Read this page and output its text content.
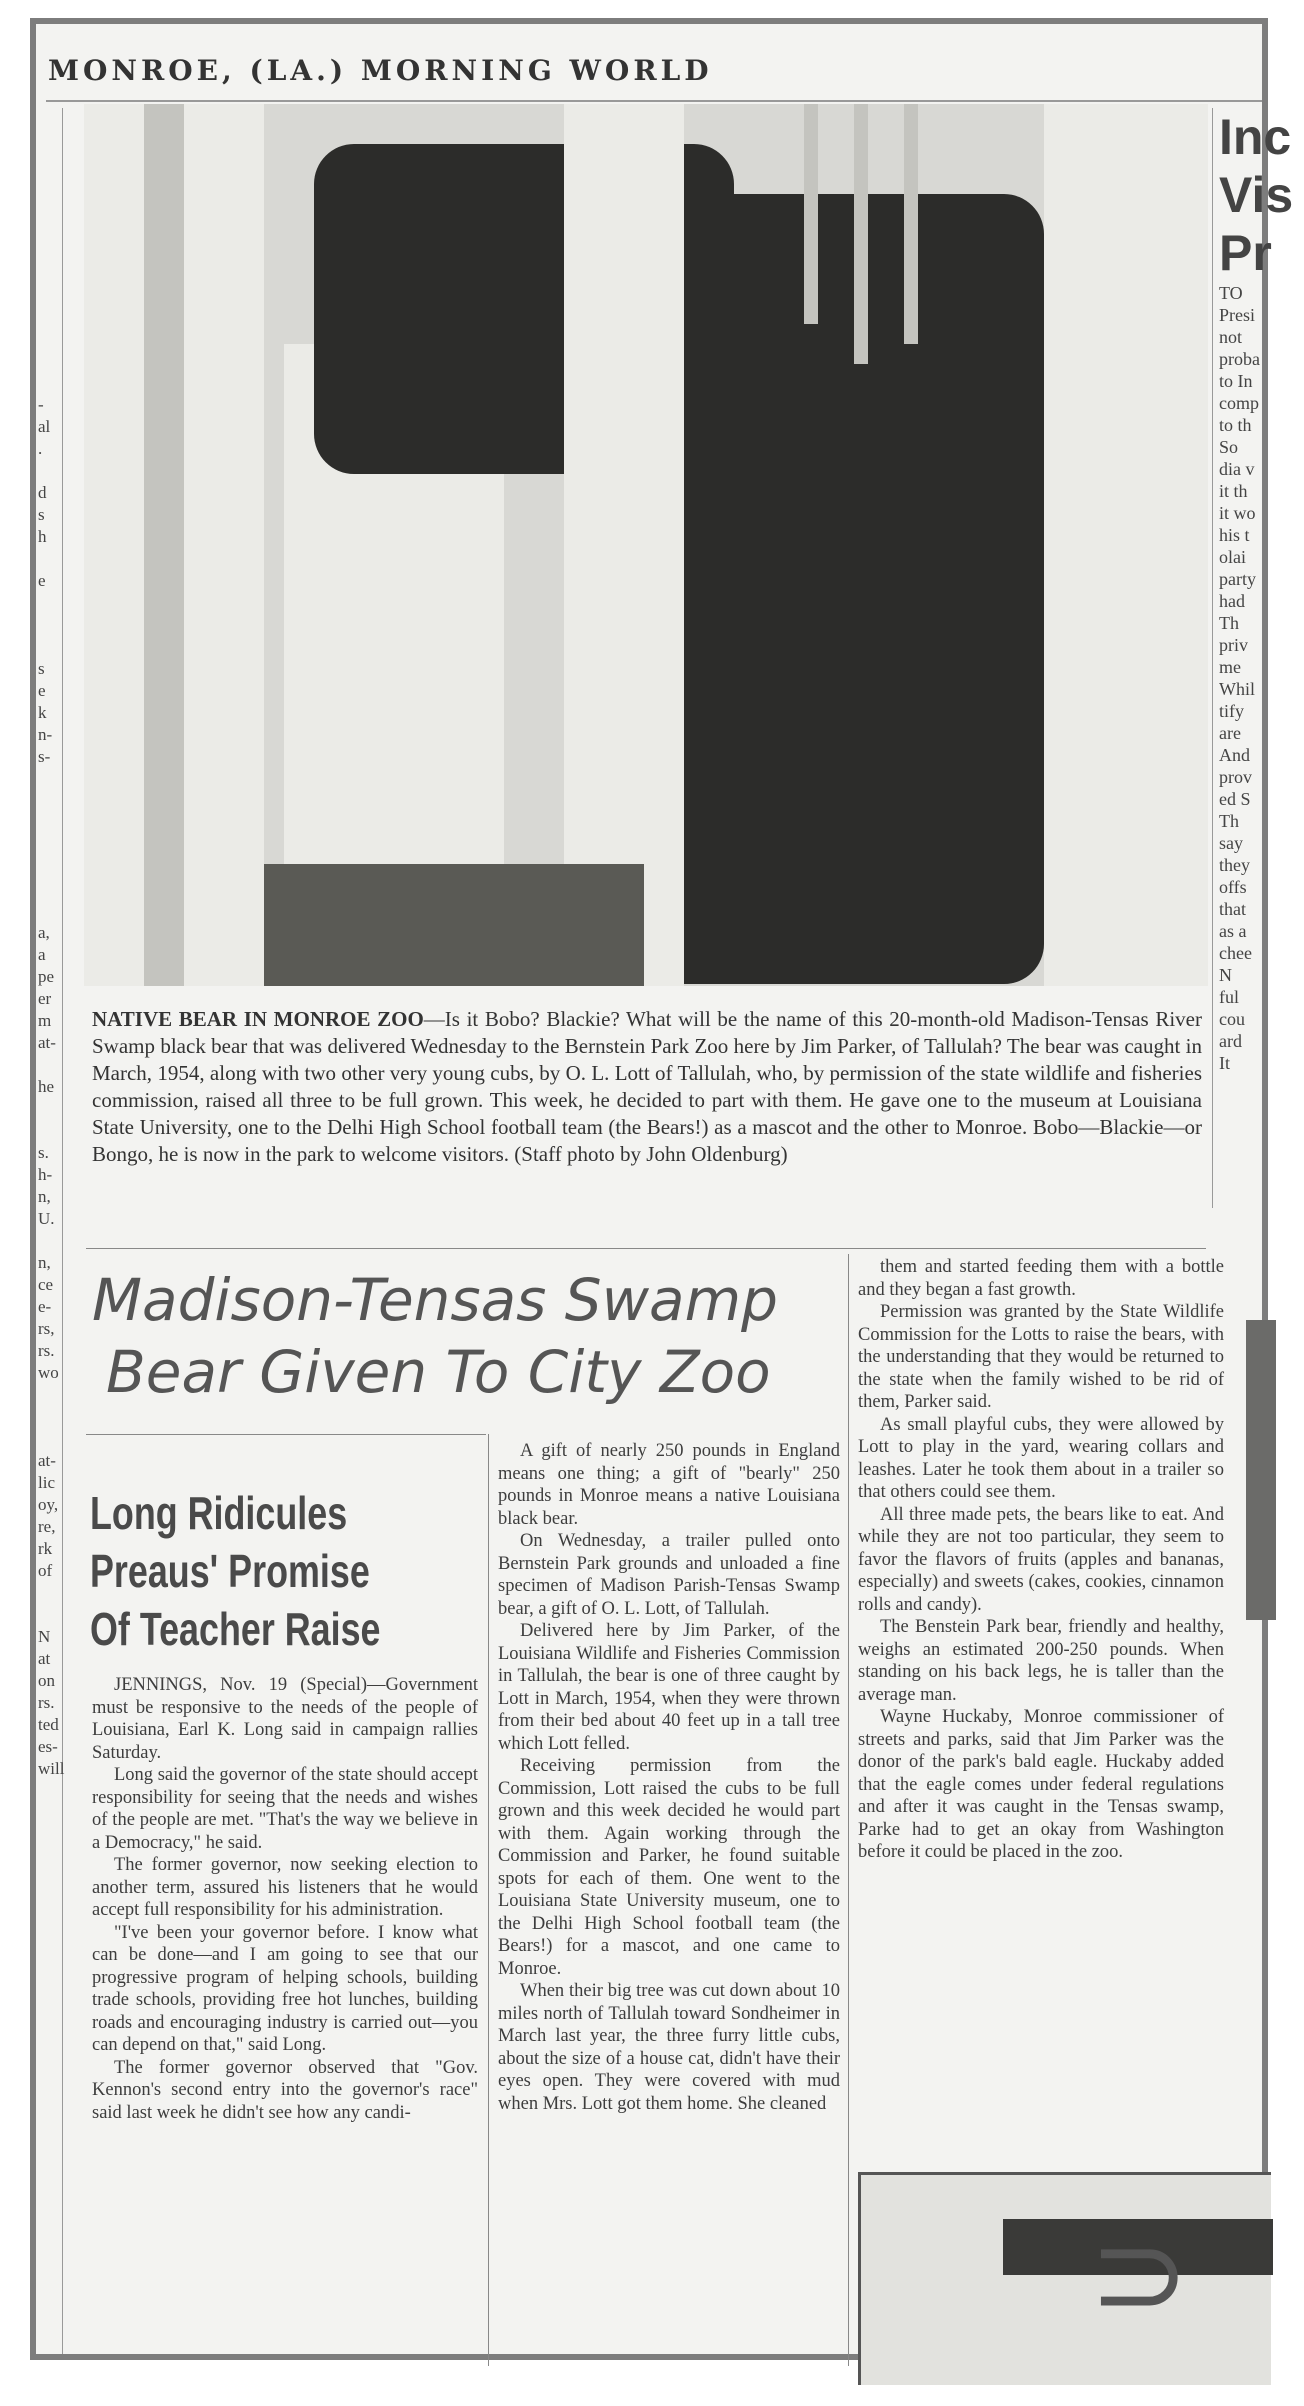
MONROE, (LA.) MORNING WORLD

-
al
.

d
s
h

e

s
e
k
n-
s-

a,
a
pe
er
m
at-

he

s.
h-
n,
U.

n,
ce
e-
rs,
rs.
wo

at-
lic
oy,
re,
rk
of

N
at
on
rs.
ted
es-
will
Inc
Vis
Pr
TO
Presi
not
proba
to In
comp
to th
So
dia v
it th
it wo
his t
olai
party
had
Th
priv
me
Whil
tify
are
And
prov
ed S
Th
say
they
offs
that
as a
chee
N
ful
cou
ard
It
NATIVE BEAR IN MONROE ZOO—Is it Bobo? Blackie? What will be the name of this 20-month-old Madison-Tensas River Swamp black bear that was delivered Wednesday to the Bernstein Park Zoo here by Jim Parker, of Tallulah? The bear was caught in March, 1954, along with two other very young cubs, by O. L. Lott of Tallulah, who, by permission of the state wildlife and fisheries commission, raised all three to be full grown. This week, he decided to part with them. He gave one to the museum at Louisiana State University, one to the Delhi High School football team (the Bears!) as a mascot and the other to Monroe. Bobo—Blackie—or Bongo, he is now in the park to welcome visitors. (Staff photo by John Oldenburg)
Madison-Tensas Swamp
Bear Given To City Zoo
Long Ridicules Preaus' Promise Of Teacher Raise

JENNINGS, Nov. 19 (Special)—Government must be responsive to the needs of the people of Louisiana, Earl K. Long said in campaign rallies Saturday.

Long said the governor of the state should accept responsibility for seeing that the needs and wishes of the people are met. "That's the way we believe in a Democracy," he said.

The former governor, now seeking election to another term, assured his listeners that he would accept full responsibility for his administration.

"I've been your governor before. I know what can be done—and I am going to see that our progressive program of helping schools, building trade schools, providing free hot lunches, building roads and encouraging industry is carried out—you can depend on that," said Long.

The former governor observed that "Gov. Kennon's second entry into the governor's race" said last week he didn't see how any candi-

A gift of nearly 250 pounds in England means one thing; a gift of "bearly" 250 pounds in Monroe means a native Louisiana black bear.

On Wednesday, a trailer pulled onto Bernstein Park grounds and unloaded a fine specimen of Madison Parish-Tensas Swamp bear, a gift of O. L. Lott, of Tallulah.

Delivered here by Jim Parker, of the Louisiana Wildlife and Fisheries Commission in Tallulah, the bear is one of three caught by Lott in March, 1954, when they were thrown from their bed about 40 feet up in a tall tree which Lott felled.

Receiving permission from the Commission, Lott raised the cubs to be full grown and this week decided he would part with them. Again working through the Commission and Parker, he found suitable spots for each of them. One went to the Louisiana State University museum, one to the Delhi High School football team (the Bears!) for a mascot, and one came to Monroe.

When their big tree was cut down about 10 miles north of Tallulah toward Sondheimer in March last year, the three furry little cubs, about the size of a house cat, didn't have their eyes open. They were covered with mud when Mrs. Lott got them home. She cleaned

them and started feeding them with a bottle and they began a fast growth.

Permission was granted by the State Wildlife Commission for the Lotts to raise the bears, with the understanding that they would be returned to the state when the family wished to be rid of them, Parker said.

As small playful cubs, they were allowed by Lott to play in the yard, wearing collars and leashes. Later he took them about in a trailer so that others could see them.

All three made pets, the bears like to eat. And while they are not too particular, they seem to favor the flavors of fruits (apples and bananas, especially) and sweets (cakes, cookies, cinnamon rolls and candy).

The Benstein Park bear, friendly and healthy, weighs an estimated 200-250 pounds. When standing on his back legs, he is taller than the average man.

Wayne Huckaby, Monroe commissioner of streets and parks, said that Jim Parker was the donor of the park's bald eagle. Huckaby added that the eagle comes under federal regulations and after it was caught in the Tensas swamp, Parke had to get an okay from Washington before it could be placed in the zoo.

⊃
